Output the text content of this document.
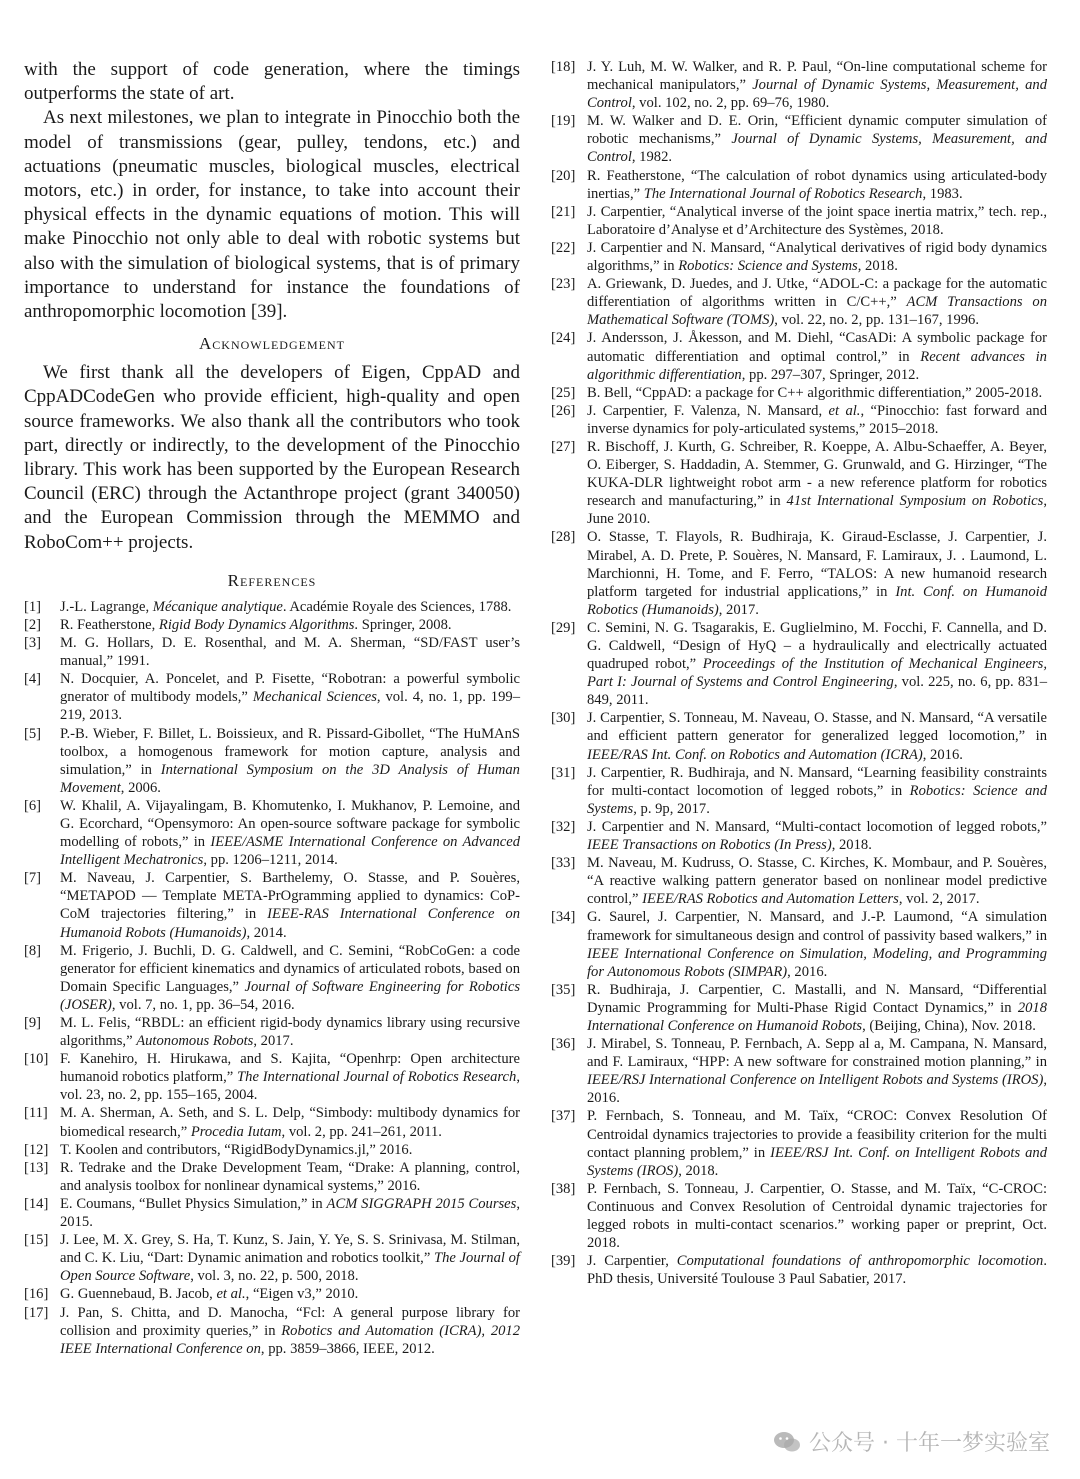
with the support of code generation, where the timings outperforms the state of art.

As next milestones, we plan to integrate in Pinocchio both the model of transmissions (gear, pulley, tendons, etc.) and actuations (pneumatic muscles, biological muscles, electrical motors, etc.) in order, for instance, to take into account their physical effects in the dynamic equations of motion. This will make Pinocchio not only able to deal with robotic systems but also with the simulation of biological systems, that is of primary importance to understand for instance the foundations of anthropomorphic locomotion [39].

Acknowledgement

We first thank all the developers of Eigen, CppAD and CppADCodeGen who provide efficient, high-quality and open source frameworks. We also thank all the contributors who took part, directly or indirectly, to the development of the Pinocchio library. This work has been supported by the European Research Council (ERC) through the Actanthrope project (grant 340050) and the European Commission through the MEMMO and RoboCom++ projects.

References
[1]	J.-L. Lagrange, Mécanique analytique. Académie Royale des Sciences, 1788.
[2]	R. Featherstone, Rigid Body Dynamics Algorithms. Springer, 2008.
[3]	M. G. Hollars, D. E. Rosenthal, and M. A. Sherman, “SD/FAST user’s manual,” 1991.
[4]	N. Docquier, A. Poncelet, and P. Fisette, “Robotran: a powerful symbolic gnerator of multibody models,” Mechanical Sciences, vol. 4, no. 1, pp. 199–219, 2013.
[5]	P.-B. Wieber, F. Billet, L. Boissieux, and R. Pissard-Gibollet, “The HuMAnS toolbox, a homogenous framework for motion capture, analysis and simulation,” in International Symposium on the 3D Analysis of Human Movement, 2006.
[6]	W. Khalil, A. Vijayalingam, B. Khomutenko, I. Mukhanov, P. Lemoine, and G. Ecorchard, “Opensymoro: An open-source software package for symbolic modelling of robots,” in IEEE/ASME International Conference on Advanced Intelligent Mechatronics, pp. 1206–1211, 2014.
[7]	M. Naveau, J. Carpentier, S. Barthelemy, O. Stasse, and P. Souères, “METAPOD — Template META-PrOgramming applied to dynamics: CoP-CoM trajectories filtering,” in IEEE-RAS International Conference on Humanoid Robots (Humanoids), 2014.
[8]	M. Frigerio, J. Buchli, D. G. Caldwell, and C. Semini, “RobCoGen: a code generator for efficient kinematics and dynamics of articulated robots, based on Domain Specific Languages,” Journal of Software Engineering for Robotics (JOSER), vol. 7, no. 1, pp. 36–54, 2016.
[9]	M. L. Felis, “RBDL: an efficient rigid-body dynamics library using recursive algorithms,” Autonomous Robots, 2017.
[10] F. Kanehiro, H. Hirukawa, and S. Kajita, “Openhrp: Open architecture humanoid robotics platform,” The International Journal of Robotics Research, vol. 23, no. 2, pp. 155–165, 2004.
[11] M. A. Sherman, A. Seth, and S. L. Delp, “Simbody: multibody dynamics for biomedical research,” Procedia Iutam, vol. 2, pp. 241–261, 2011.
[12] T. Koolen and contributors, “RigidBodyDynamics.jl,” 2016.
[13] R. Tedrake and the Drake Development Team, “Drake: A planning, control, and analysis toolbox for nonlinear dynamical systems,” 2016.
[14] E. Coumans, “Bullet Physics Simulation,” in ACM SIGGRAPH 2015 Courses, 2015.
[15] J. Lee, M. X. Grey, S. Ha, T. Kunz, S. Jain, Y. Ye, S. S. Srinivasa, M. Stilman, and C. K. Liu, “Dart: Dynamic animation and robotics toolkit,” The Journal of Open Source Software, vol. 3, no. 22, p. 500, 2018.
[16] G. Guennebaud, B. Jacob, et al., “Eigen v3,” 2010.
[17] J. Pan, S. Chitta, and D. Manocha, “Fcl: A general purpose library for collision and proximity queries,” in Robotics and Automation (ICRA), 2012 IEEE International Conference on, pp. 3859–3866, IEEE, 2012.
[18] J. Y. Luh, M. W. Walker, and R. P. Paul, “On-line computational scheme for mechanical manipulators,” Journal of Dynamic Systems, Measurement, and Control, vol. 102, no. 2, pp. 69–76, 1980.
[19] M. W. Walker and D. E. Orin, “Efficient dynamic computer simulation of robotic mechanisms,” Journal of Dynamic Systems, Measurement, and Control, 1982.
[20] R. Featherstone, “The calculation of robot dynamics using articulated-body inertias,” The International Journal of Robotics Research, 1983.
[21] J. Carpentier, “Analytical inverse of the joint space inertia matrix,” tech. rep., Laboratoire d’Analyse et d’Architecture des Systèmes, 2018.
[22] J. Carpentier and N. Mansard, “Analytical derivatives of rigid body dynamics algorithms,” in Robotics: Science and Systems, 2018.
[23] A. Griewank, D. Juedes, and J. Utke, “ADOL-C: a package for the automatic differentiation of algorithms written in C/C++,” ACM Transactions on Mathematical Software (TOMS), vol. 22, no. 2, pp. 131–167, 1996.
[24] J. Andersson, J. Åkesson, and M. Diehl, “CasADi: A symbolic package for automatic differentiation and optimal control,” in Recent advances in algorithmic differentiation, pp. 297–307, Springer, 2012.
[25] B. Bell, “CppAD: a package for C++ algorithmic differentiation,” 2005-2018.
[26] J. Carpentier, F. Valenza, N. Mansard, et al., “Pinocchio: fast forward and inverse dynamics for poly-articulated systems,” 2015–2018.
[27] R. Bischoff, J. Kurth, G. Schreiber, R. Koeppe, A. Albu-Schaeffer, A. Beyer, O. Eiberger, S. Haddadin, A. Stemmer, G. Grunwald, and G. Hirzinger, “The KUKA-DLR lightweight robot arm - a new reference platform for robotics research and manufacturing,” in 41st International Symposium on Robotics, June 2010.
[28] O. Stasse, T. Flayols, R. Budhiraja, K. Giraud-Esclasse, J. Carpentier, J. Mirabel, A. D. Prete, P. Souères, N. Mansard, F. Lamiraux, J. . Laumond, L. Marchionni, H. Tome, and F. Ferro, “TALOS: A new humanoid research platform targeted for industrial applications,” in Int. Conf. on Humanoid Robotics (Humanoids), 2017.
[29] C. Semini, N. G. Tsagarakis, E. Guglielmino, M. Focchi, F. Cannella, and D. G. Caldwell, “Design of HyQ – a hydraulically and electrically actuated quadruped robot,” Proceedings of the Institution of Mechanical Engineers, Part I: Journal of Systems and Control Engineering, vol. 225, no. 6, pp. 831–849, 2011.
[30] J. Carpentier, S. Tonneau, M. Naveau, O. Stasse, and N. Mansard, “A versatile and efficient pattern generator for generalized legged locomotion,” in IEEE/RAS Int. Conf. on Robotics and Automation (ICRA), 2016.
[31] J. Carpentier, R. Budhiraja, and N. Mansard, “Learning feasibility constraints for multi-contact locomotion of legged robots,” in Robotics: Science and Systems, p. 9p, 2017.
[32] J. Carpentier and N. Mansard, “Multi-contact locomotion of legged robots,” IEEE Transactions on Robotics (In Press), 2018.
[33] M. Naveau, M. Kudruss, O. Stasse, C. Kirches, K. Mombaur, and P. Souères, “A reactive walking pattern generator based on nonlinear model predictive control,” IEEE/RAS Robotics and Automation Letters, vol. 2, 2017.
[34] G. Saurel, J. Carpentier, N. Mansard, and J.-P. Laumond, “A simulation framework for simultaneous design and control of passivity based walkers,” in IEEE International Conference on Simulation, Modeling, and Programming for Autonomous Robots (SIMPAR), 2016.
[35] R. Budhiraja, J. Carpentier, C. Mastalli, and N. Mansard, “Differential Dynamic Programming for Multi-Phase Rigid Contact Dynamics,” in 2018 International Conference on Humanoid Robots, (Beijing, China), Nov. 2018.
[36] J. Mirabel, S. Tonneau, P. Fernbach, A. Sepp al a, M. Campana, N. Mansard, and F. Lamiraux, “HPP: A new software for constrained motion planning,” in IEEE/RSJ International Conference on Intelligent Robots and Systems (IROS), 2016.
[37] P. Fernbach, S. Tonneau, and M. Taïx, “CROC: Convex Resolution Of Centroidal dynamics trajectories to provide a feasibility criterion for the multi contact planning problem,” in IEEE/RSJ Int. Conf. on Intelligent Robots and Systems (IROS), 2018.
[38] P. Fernbach, S. Tonneau, J. Carpentier, O. Stasse, and M. Taïx, “C-CROC: Continuous and Convex Resolution of Centroidal dynamic trajectories for legged robots in multi-contact scenarios.” working paper or preprint, Oct. 2018.
[39] J. Carpentier, Computational foundations of anthropomorphic locomotion. PhD thesis, Université Toulouse 3 Paul Sabatier, 2017.
公众号 · 十年一梦实验室
